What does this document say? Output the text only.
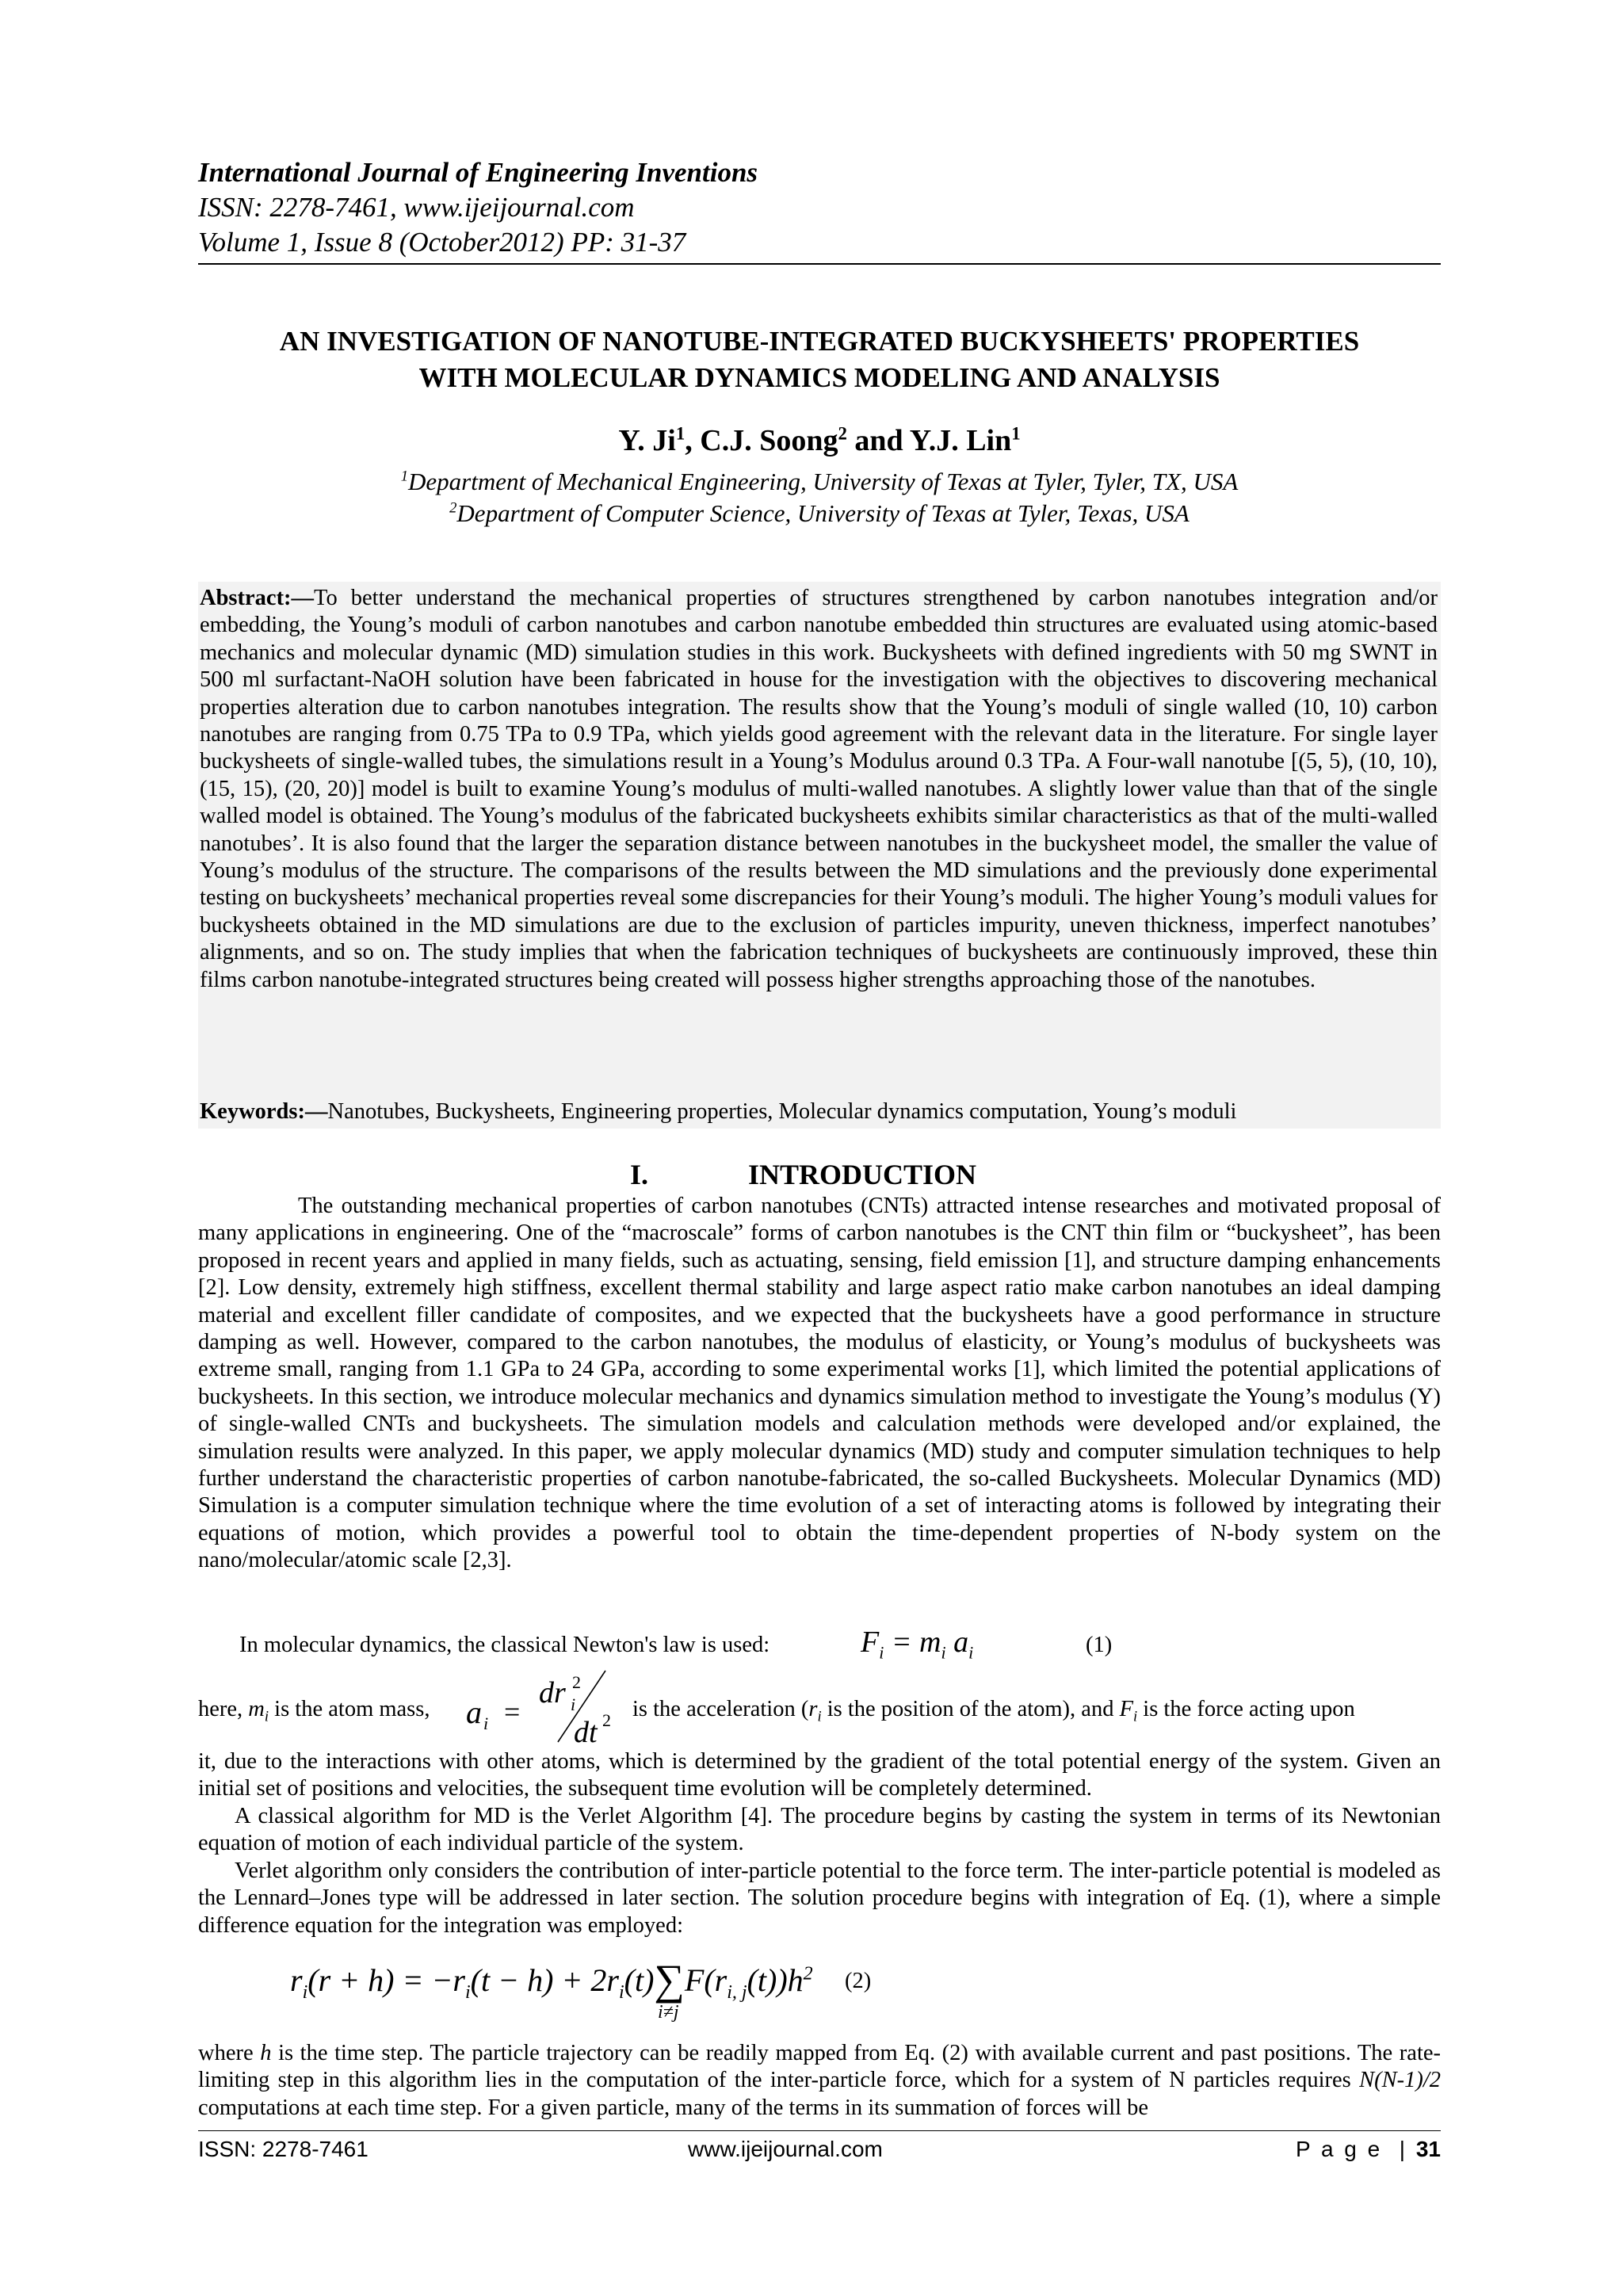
International Journal of Engineering Inventions
ISSN: 2278-7461, www.ijeijournal.com
Volume 1, Issue 8 (October2012) PP: 31-37
AN INVESTIGATION OF NANOTUBE-INTEGRATED BUCKYSHEETS' PROPERTIES
WITH MOLECULAR DYNAMICS MODELING AND ANALYSIS
Y. Ji$^1$, C.J. Soong$^2$ and Y.J. Lin$^1$
$^1$Department of Mechanical Engineering, University of Texas at Tyler, Tyler, TX, USA
$^2$Department of Computer Science, University of Texas at Tyler, Texas, USA
Abstract:—To better understand the mechanical properties of structures strengthened by carbon nanotubes integration and/or embedding, the Young’s moduli of carbon nanotubes and carbon nanotube embedded thin structures are evaluated using atomic-based mechanics and molecular dynamic (MD) simulation studies in this work. Buckysheets with defined ingredients with 50 mg SWNT in 500 ml surfactant-NaOH solution have been fabricated in house for the investigation with the objectives to discovering mechanical properties alteration due to carbon nanotubes integration. The results show that the Young’s moduli of single walled (10, 10) carbon nanotubes are ranging from 0.75 TPa to 0.9 TPa, which yields good agreement with the relevant data in the literature. For single layer buckysheets of single-walled tubes, the simulations result in a Young’s Modulus around 0.3 TPa. A Four-wall nanotube [(5, 5), (10, 10), (15, 15), (20, 20)] model is built to examine Young’s modulus of multi-walled nanotubes. A slightly lower value than that of the single walled model is obtained. The Young’s modulus of the fabricated buckysheets exhibits similar characteristics as that of the multi-walled nanotubes’. It is also found that the larger the separation distance between nanotubes in the buckysheet model, the smaller the value of Young’s modulus of the structure. The comparisons of the results between the MD simulations and the previously done experimental testing on buckysheets’ mechanical properties reveal some discrepancies for their Young’s moduli. The higher Young’s moduli values for buckysheets obtained in the MD simulations are due to the exclusion of particles impurity, uneven thickness, imperfect nanotubes’ alignments, and so on. The study implies that when the fabrication techniques of buckysheets are continuously improved, these thin films carbon nanotube-integrated structures being created will possess higher strengths approaching those of the nanotubes.
Keywords:—Nanotubes, Buckysheets, Engineering properties, Molecular dynamics computation, Young’s moduli
I.	INTRODUCTION
The outstanding mechanical properties of carbon nanotubes (CNTs) attracted intense researches and motivated proposal of many applications in engineering. One of the “macroscale” forms of carbon nanotubes is the CNT thin film or “buckysheet”, has been proposed in recent years and applied in many fields, such as actuating, sensing, field emission [1], and structure damping enhancements [2]. Low density, extremely high stiffness, excellent thermal stability and large aspect ratio make carbon nanotubes an ideal damping material and excellent filler candidate of composites, and we expected that the buckysheets have a good performance in structure damping as well. However, compared to the carbon nanotubes, the modulus of elasticity, or Young’s modulus of buckysheets was extreme small, ranging from 1.1 GPa to 24 GPa, according to some experimental works [1], which limited the potential applications of buckysheets. In this section, we introduce molecular mechanics and dynamics simulation method to investigate the Young’s modulus (Y) of single-walled CNTs and buckysheets. The simulation models and calculation methods were developed and/or explained, the simulation results were analyzed. In this paper, we apply molecular dynamics (MD) study and computer simulation techniques to help further understand the characteristic properties of carbon nanotube-fabricated, the so-called Buckysheets. Molecular Dynamics (MD) Simulation is a computer simulation technique where the time evolution of a set of interacting atoms is followed by integrating their equations of motion, which provides a powerful tool to obtain the time-dependent properties of N-body system on the nano/molecular/atomic scale [2,3].
In molecular dynamics, the classical Newton's law is used:	$F_i = m_i$ $a_i$	(1)
here, $m_i$ is the atom mass, a i =
dr 2
i
dt 2 is the acceleration ($r_i$ is the position of the atom), and $F_i$ is the force acting upon
it, due to the interactions with other atoms, which is determined by the gradient of the total potential energy of the system. Given an initial set of positions and velocities, the subsequent time evolution will be completely determined.
A classical algorithm for MD is the Verlet Algorithm [4]. The procedure begins by casting the system in terms of its Newtonian equation of motion of each individual particle of the system.
Verlet algorithm only considers the contribution of inter-particle potential to the force term. The inter-particle potential is modeled as the Lennard–Jones type will be addressed in later section. The solution procedure begins with integration of Eq. (1), where a simple difference equation for the integration was employed:
$r_i(r + h) = -r_i(t - h) + 2r_i(t)\sum F(r_{i, j}(t))h^2$
i≠j
(2)
where h is the time step. The particle trajectory can be readily mapped from Eq. (2) with available current and past positions. The rate-limiting step in this algorithm lies in the computation of the inter-particle force, which for a system of N particles requires N(N-1)/2 computations at each time step. For a given particle, many of the terms in its summation of forces will be
ISSN: 2278-7461	www.ijeijournal.com	P a g e  | 31
